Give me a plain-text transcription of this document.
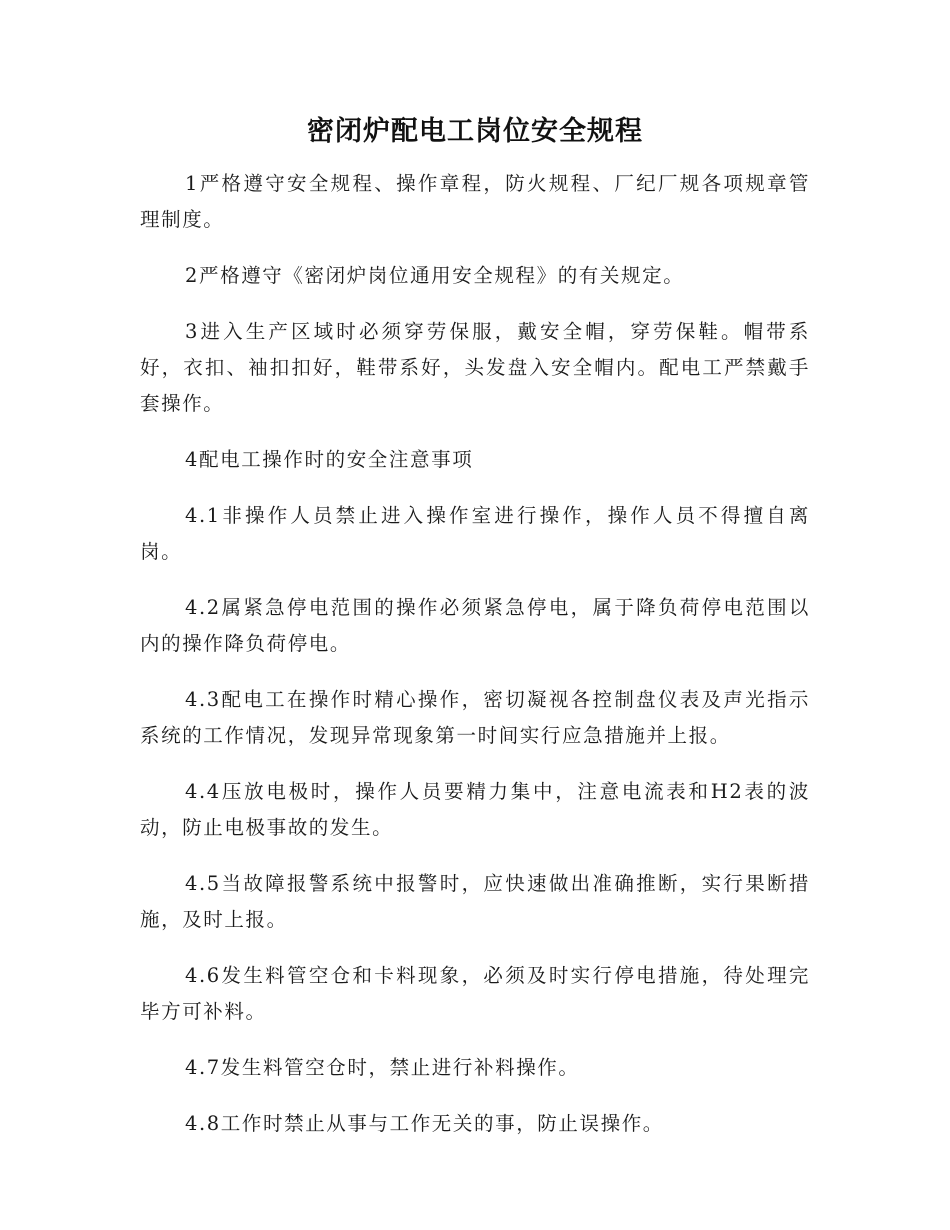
密闭炉配电工岗位安全规程

1严格遵守安全规程、操作章程，防火规程、厂纪厂规各项规章管理制度。

2严格遵守《密闭炉岗位通用安全规程》的有关规定。

3进入生产区域时必须穿劳保服，戴安全帽，穿劳保鞋。帽带系好，衣扣、袖扣扣好，鞋带系好，头发盘入安全帽内。配电工严禁戴手套操作。

4配电工操作时的安全注意事项

4.1非操作人员禁止进入操作室进行操作，操作人员不得擅自离岗。

4.2属紧急停电范围的操作必须紧急停电，属于降负荷停电范围以内的操作降负荷停电。

4.3配电工在操作时精心操作，密切凝视各控制盘仪表及声光指示系统的工作情况，发现异常现象第一时间实行应急措施并上报。

4.4压放电极时，操作人员要精力集中，注意电流表和H2表的波动，防止电极事故的发生。

4.5当故障报警系统中报警时，应快速做出准确推断，实行果断措施，及时上报。

4.6发生料管空仓和卡料现象，必须及时实行停电措施，待处理完毕方可补料。

4.7发生料管空仓时，禁止进行补料操作。

4.8工作时禁止从事与工作无关的事，防止误操作。
